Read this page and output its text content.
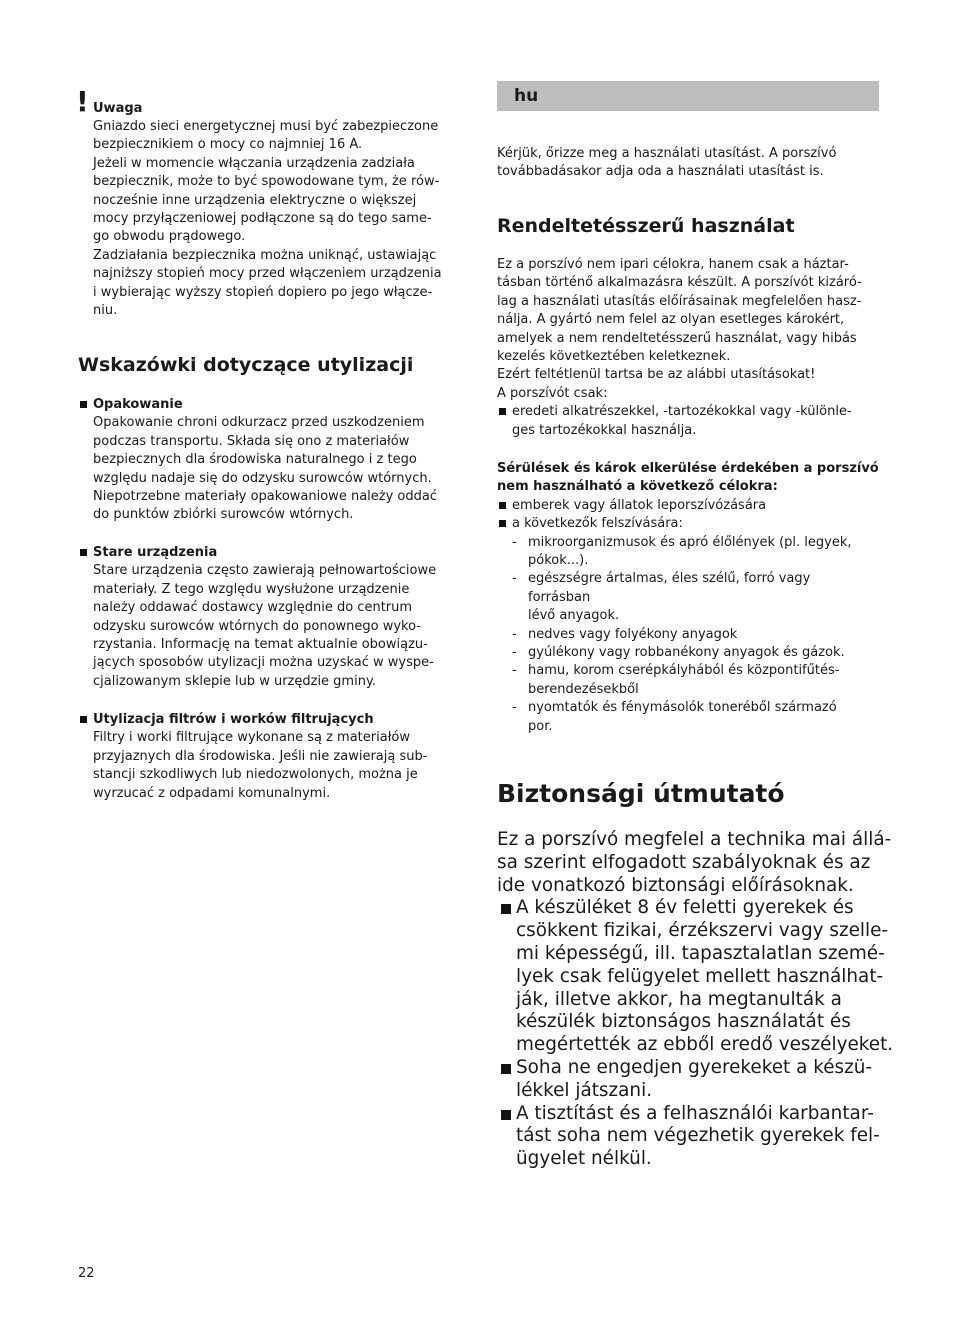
! Uwaga
Gniazdo sieci energetycznej musi być zabezpieczone
bezpiecznikiem o mocy co najmniej 16 A.
Jeżeli w momencie włączania urządzenia zadziała
bezpiecznik, może to być spowodowane tym, że rów-
nocześnie inne urządzenia elektryczne o większej
mocy przyłączeniowej podłączone są do tego same-
go obwodu prądowego.
Zadziałania bezpiecznika można uniknąć, ustawiając
najniższy stopień mocy przed włączeniem urządzenia
i wybierając wyższy stopień dopiero po jego włącze-
niu.
Wskazówki dotyczące utylizacji
Opakowanie
Opakowanie chroni odkurzacz przed uszkodzeniem
podczas transportu. Składa się ono z materiałów
bezpiecznych dla środowiska naturalnego i z tego
względu nadaje się do odzysku surowców wtórnych.
Niepotrzebne materiały opakowaniowe należy oddać
do punktów zbiórki surowców wtórnych.
Stare urządzenia
Stare urządzenia często zawierają pełnowartościowe
materiały. Z tego względu wysłużone urządzenie
należy oddawać dostawcy względnie do centrum
odzysku surowców wtórnych do ponownego wyko-
rzystania. Informację na temat aktualnie obowiązu-
jących sposobów utylizacji można uzyskać w wyspe-
cjalizowanym sklepie lub w urzędzie gminy.
Utylizacja filtrów i worków filtrujących
Filtry i worki filtrujące wykonane są z materiałów
przyjaznych dla środowiska. Jeśli nie zawierają sub-
stancji szkodliwych lub niedozwolonych, można je
wyrzucać z odpadami komunalnymi.
hu
Kérjük, őrizze meg a használati utasítást. A porszívó
továbbadásakor adja oda a használati utasítást is.
Rendeltetésszerű használat
Ez a porszívó nem ipari célokra, hanem csak a háztar-
tásban történő alkalmazásra készült. A porszívót kizáró-
lag a használati utasítás előírásainak megfelelően hasz-
nálja. A gyártó nem felel az olyan esetleges károkért,
amelyek a nem rendeltetésszerű használat, vagy hibás
kezelés következtében keletkeznek.
Ezért feltétlenül tartsa be az alábbi utasításokat!
A porszívót csak:
eredeti alkatrészekkel, -tartozékokkal vagy -különle-
ges tartozékokkal használja.
Sérülések és károk elkerülése érdekében a porszívó
nem használható a következő célokra:
emberek vagy állatok leporszívózására
a következők felszívására:
- mikroorganizmusok és apró élőlények (pl. legyek,
pókok...).
- egészségre ártalmas, éles szélű, forró vagy
forrásban
lévő anyagok.
- nedves vagy folyékony anyagok
- gyúlékony vagy robbanékony anyagok és gázok.
- hamu, korom cserépkályhából és központifűtés-
berendezésekből
- nyomtatók és fénymásolók toneréből származó
por.
Biztonsági útmutató
Ez a porszívó megfelel a technika mai állá-
sa szerint elfogadott szabályoknak és az
ide vonatkozó biztonsági előírásoknak.
A készüléket 8 év feletti gyerekek és
csökkent fizikai, érzékszervi vagy szelle-
mi képességű, ill. tapasztalatlan szemé-
lyek csak felügyelet mellett használhat-
ják, illetve akkor, ha megtanulták a
készülék biztonságos használatát és
megértették az ebből eredő veszélyeket.
Soha ne engedjen gyerekeket a készü-
lékkel játszani.
A tisztítást és a felhasználói karbantar-
tást soha nem végezhetik gyerekek fel-
ügyelet nélkül.
22
